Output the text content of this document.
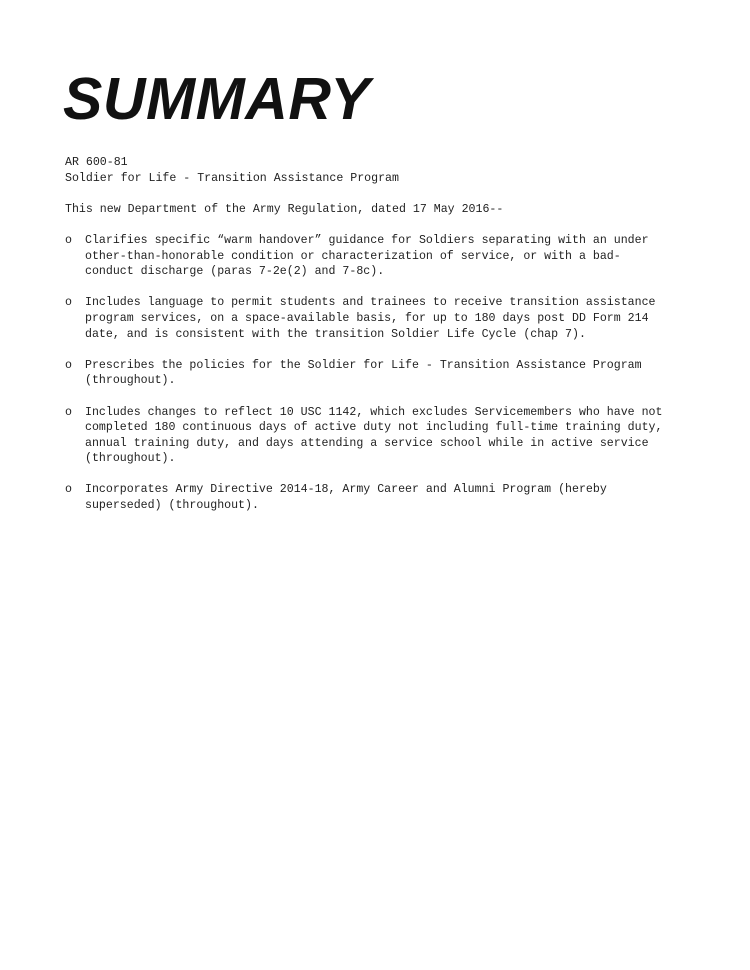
SUMMARY
AR 600-81
Soldier for Life - Transition Assistance Program
This new Department of the Army Regulation, dated 17 May 2016--
o	Clarifies specific “warm handover” guidance for Soldiers separating with an under other-than-honorable condition or characterization of service, or with a bad-conduct discharge (paras 7-2e(2) and 7-8c).
o	Includes language to permit students and trainees to receive transition assistance program services, on a space-available basis, for up to 180 days post DD Form 214 date, and is consistent with the transition Soldier Life Cycle (chap 7).
o	Prescribes the policies for the Soldier for Life - Transition Assistance Program (throughout).
o	Includes changes to reflect 10 USC 1142, which excludes Servicemembers who have not completed 180 continuous days of active duty not including full-time training duty, annual training duty, and days attending a service school while in active service (throughout).
o	Incorporates Army Directive 2014-18, Army Career and Alumni Program (hereby superseded) (throughout).
